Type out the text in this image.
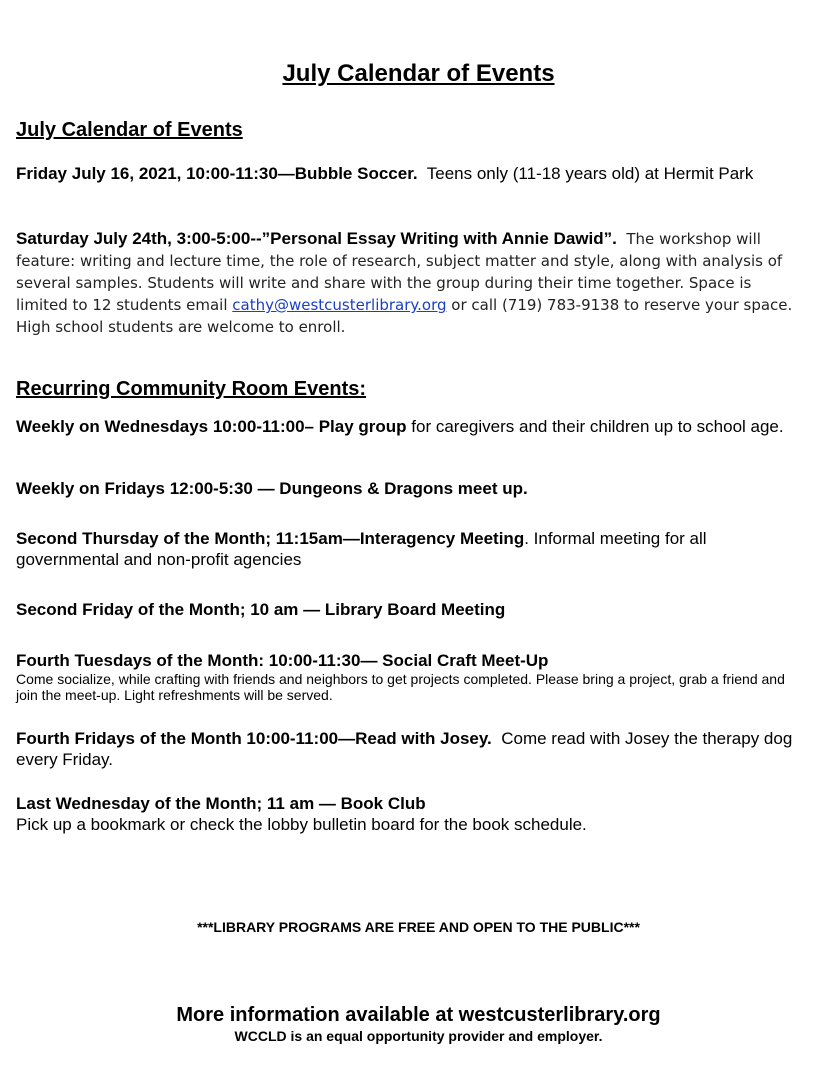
July Calendar of Events
July Calendar of Events

Friday July 16, 2021, 10:00-11:30—Bubble Soccer. Teens only (11-18 years old) at Hermit Park

Saturday July 24th, 3:00-5:00--”Personal Essay Writing with Annie Dawid”. The workshop will feature: writing and lecture time, the role of research, subject matter and style, along with analysis of several samples. Students will write and share with the group during their time together. Space is limited to 12 students email cathy@westcusterlibrary.org or call (719) 783-9138 to reserve your space. High school students are welcome to enroll.

Recurring Community Room Events:

Weekly on Wednesdays 10:00-11:00– Play group for caregivers and their children up to school age.

Weekly on Fridays 12:00-5:30 — Dungeons & Dragons meet up.

Second Thursday of the Month; 11:15am—Interagency Meeting. Informal meeting for all governmental and non-profit agencies

Second Friday of the Month; 10 am — Library Board Meeting

Fourth Tuesdays of the Month: 10:00-11:30— Social Craft Meet-Up
Come socialize, while crafting with friends and neighbors to get projects completed. Please bring a project, grab a friend and join the meet-up. Light refreshments will be served.

Fourth Fridays of the Month 10:00-11:00—Read with Josey. Come read with Josey the therapy dog every Friday.

Last Wednesday of the Month; 11 am — Book Club
Pick up a bookmark or check the lobby bulletin board for the book schedule.
***LIBRARY PROGRAMS ARE FREE AND OPEN TO THE PUBLIC***
More information available at westcusterlibrary.org
WCCLD is an equal opportunity provider and employer.
